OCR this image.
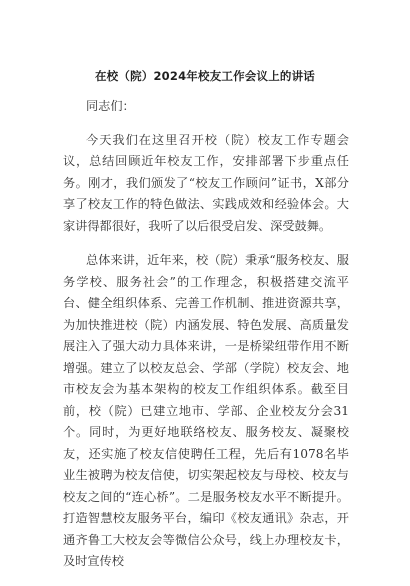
在校（院）2024年校友工作会议上的讲话

同志们：

今天我们在这里召开校（院）校友工作专题会议，总结回顾近年校友工作，安排部署下步重点任务。刚才，我们颁发了“校友工作顾问”证书，X部分享了校友工作的特色做法、实践成效和经验体会。大家讲得都很好，我听了以后很受启发、深受鼓舞。

总体来讲，近年来，校（院）秉承“服务校友、服务学校、服务社会”的工作理念，积极搭建交流平台、健全组织体系、完善工作机制、推进资源共享，为加快推进校（院）内涵发展、特色发展、高质量发展注入了强大动力具体来讲，一是桥梁纽带作用不断增强。建立了以校友总会、学部（学院）校友会、地市校友会为基本架构的校友工作组织体系。截至目前，校（院）已建立地市、学部、企业校友分会31个。同时，为更好地联络校友、服务校友、凝聚校友，还实施了校友信使聘任工程，先后有1078名毕业生被聘为校友信使，切实架起校友与母校、校友与校友之间的“连心桥”。二是服务校友水平不断提升。打造智慧校友服务平台，编印《校友通讯》杂志，开通齐鲁工大校友会等微信公众号，线上办理校友卡，及时宣传校
